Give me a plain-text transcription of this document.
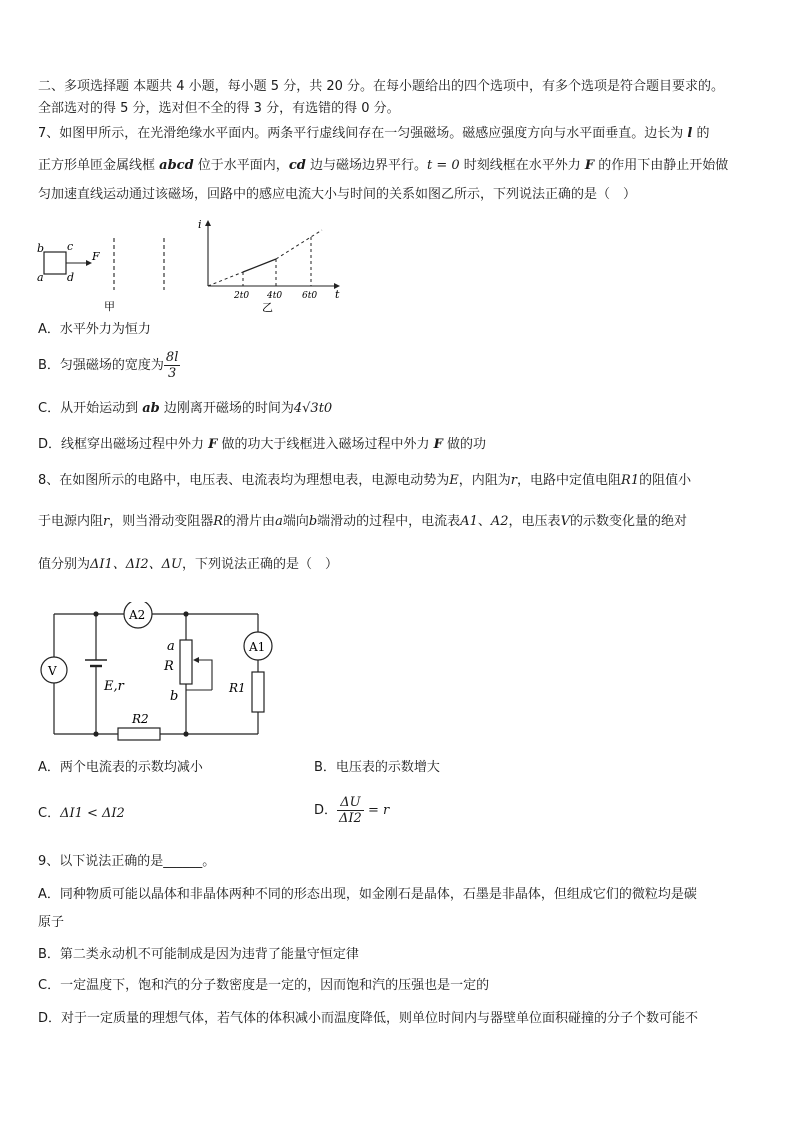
二、多项选择题 本题共 4 小题，每小题 5 分，共 20 分。在每小题给出的四个选项中，有多个选项是符合题目要求的。
全部选对的得 5 分，选对但不全的得 3 分，有选错的得 0 分。
7、如图甲所示，在光滑绝缘水平面内。两条平行虚线间存在一匀强磁场。磁感应强度方向与水平面垂直。边长为 l 的
正方形单匝金属线框 abcd 位于水平面内，cd 边与磁场边界平行。t = 0 时刻线框在水平外力 F 的作用下由静止开始做
匀加速直线运动通过该磁场，回路中的感应电流大小与时间的关系如图乙所示，下列说法正确的是（　）
b c
a d
F
甲
i
t
2t0 4t0 6t0
乙
A．水平外力为恒力
B．匀强磁场的宽度为 $\frac{8l}{3}$
C．从开始运动到 ab 边刚离开磁场的时间为4√3t0
D．线框穿出磁场过程中外力 F 做的功大于线框进入磁场过程中外力 F 做的功
8、在如图所示的电路中，电压表、电流表均为理想电表，电源电动势为E，内阻为r，电路中定值电阻R1的阻值小
于电源内阻r，则当滑动变阻器R的滑片由a端向b端滑动的过程中，电流表A1、A2，电压表V的示数变化量的绝对
值分别为ΔI1、ΔI2、ΔU，下列说法正确的是（　）
A2
A1
V
a
R
b
E,r	R1
R2
A．两个电流表的示数均减小	B．电压表的示数增大
C．ΔI1 < ΔI2	D． $\frac{\Delta U}{\Delta I2} = r$
9、以下说法正确的是______。
A．同种物质可能以晶体和非晶体两种不同的形态出现，如金刚石是晶体，石墨是非晶体，但组成它们的微粒均是碳
原子
B．第二类永动机不可能制成是因为违背了能量守恒定律
C．一定温度下，饱和汽的分子数密度是一定的，因而饱和汽的压强也是一定的
D．对于一定质量的理想气体，若气体的体积减小而温度降低，则单位时间内与器壁单位面积碰撞的分子个数可能不
